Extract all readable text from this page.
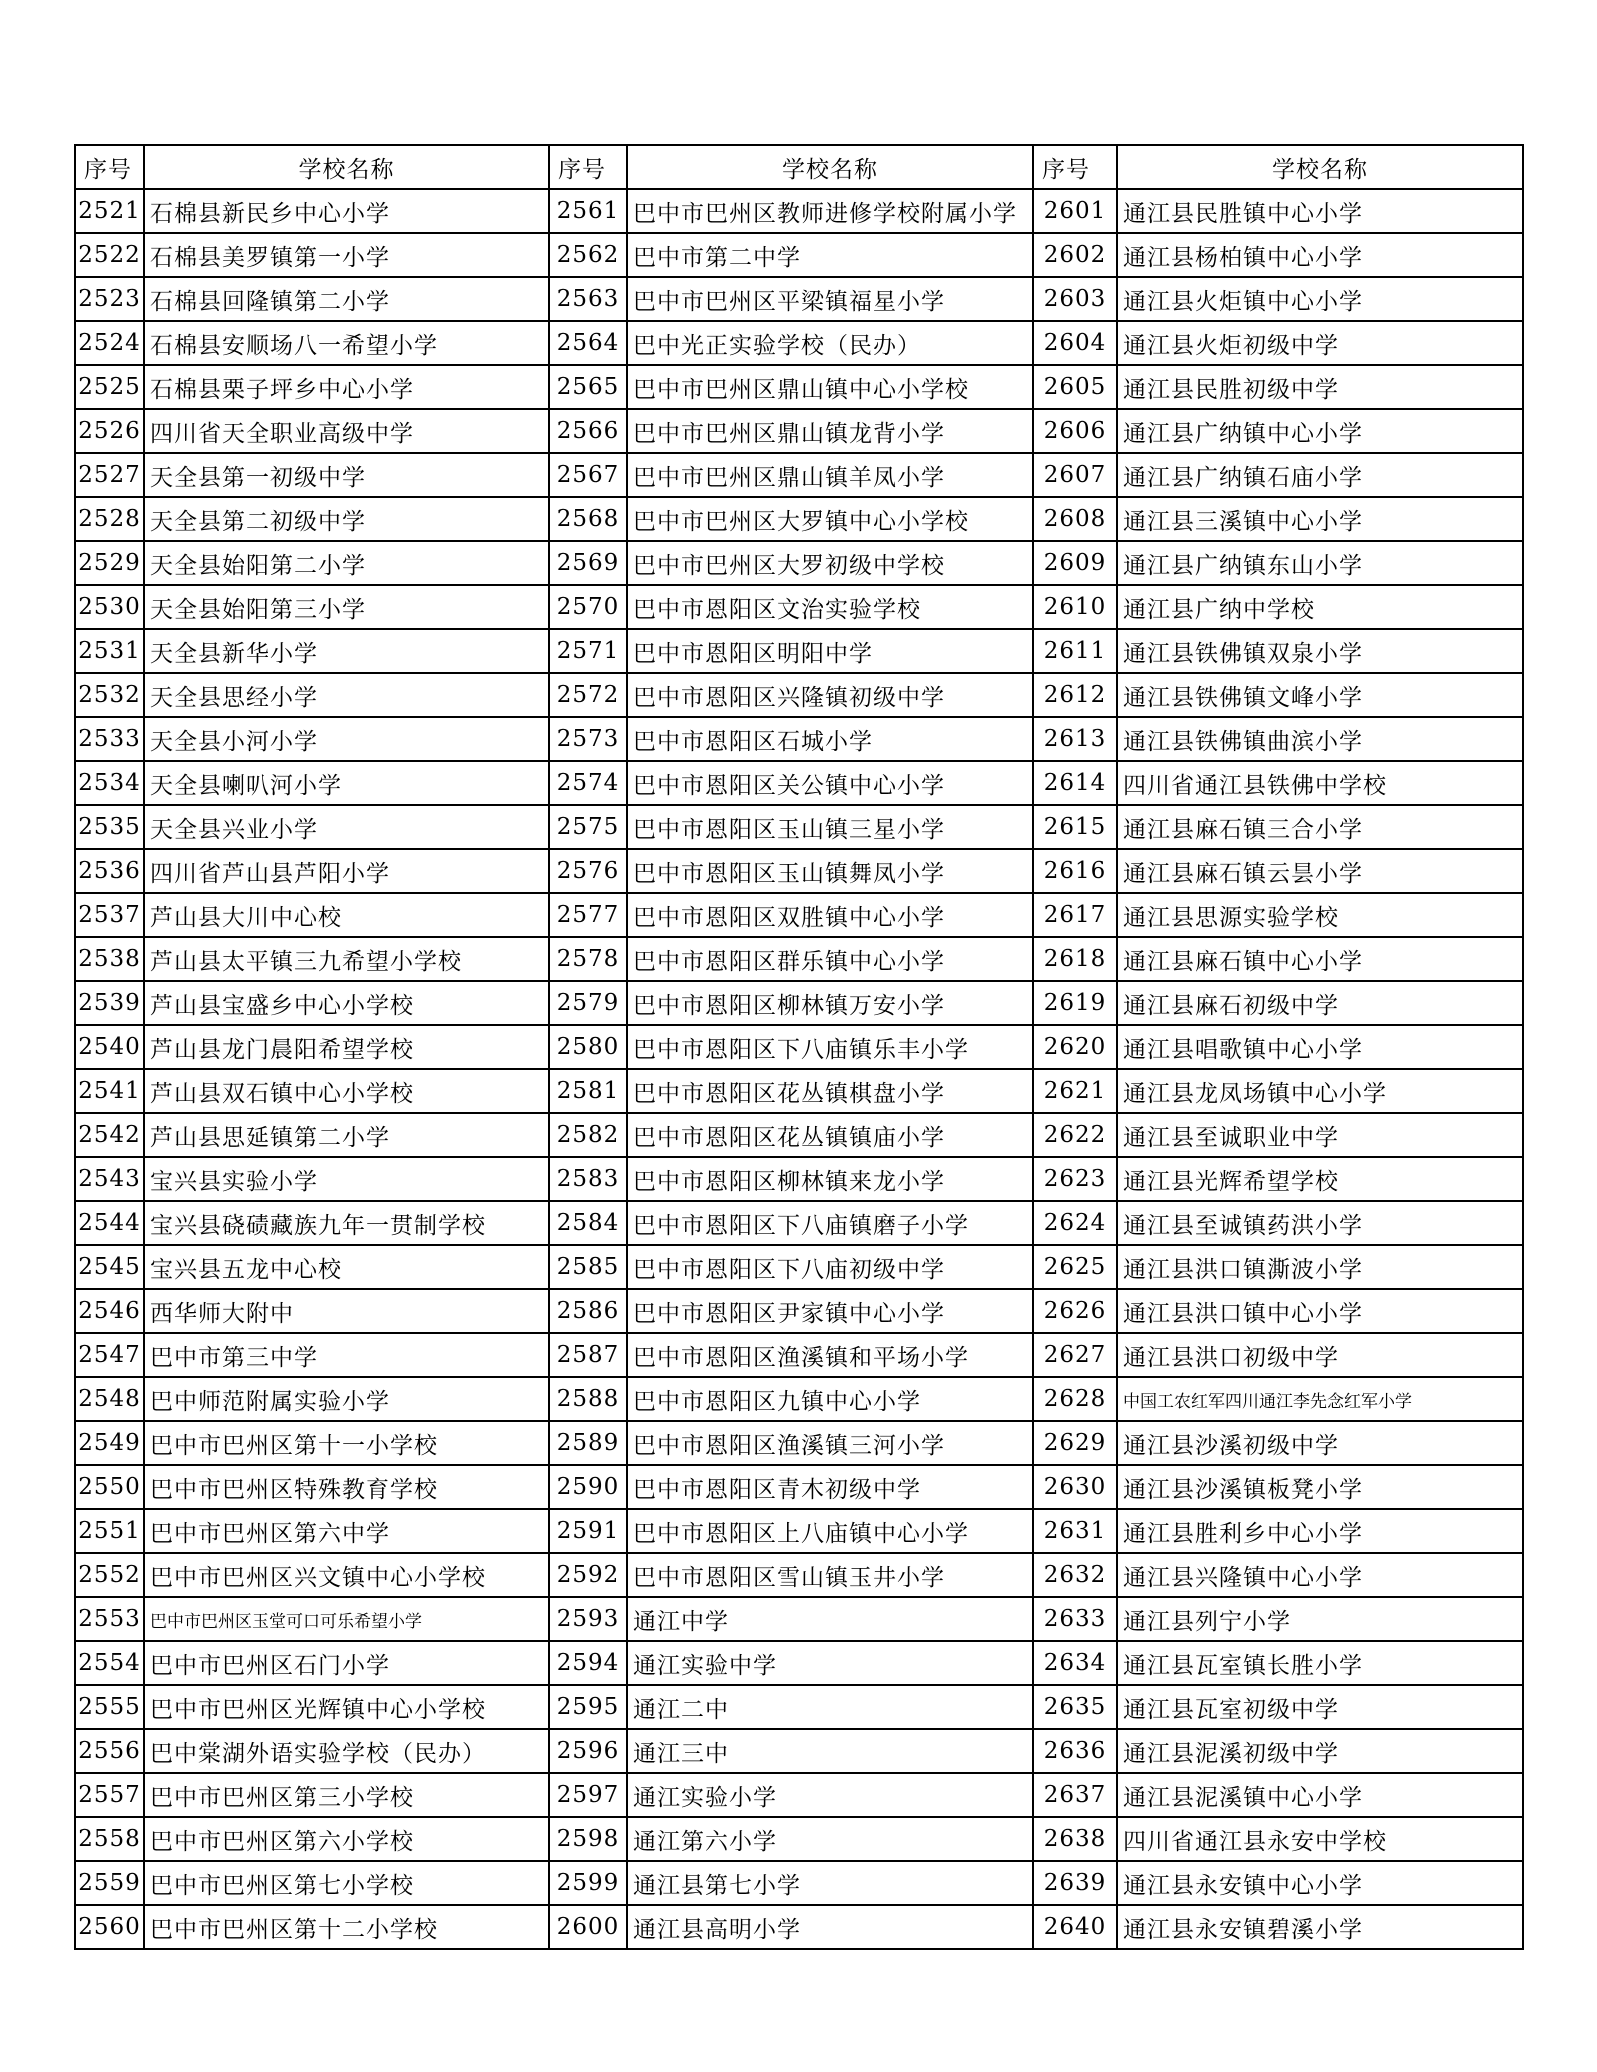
序号	学校名称	序号	学校名称	序号	学校名称
2521	石棉县新民乡中心小学	2561	巴中市巴州区教师进修学校附属小学	2601	通江县民胜镇中心小学
2522	石棉县美罗镇第一小学	2562	巴中市第二中学	2602	通江县杨柏镇中心小学
2523	石棉县回隆镇第二小学	2563	巴中市巴州区平梁镇福星小学	2603	通江县火炬镇中心小学
2524	石棉县安顺场八一希望小学	2564	巴中光正实验学校（民办）	2604	通江县火炬初级中学
2525	石棉县栗子坪乡中心小学	2565	巴中市巴州区鼎山镇中心小学校	2605	通江县民胜初级中学
2526	四川省天全职业高级中学	2566	巴中市巴州区鼎山镇龙背小学	2606	通江县广纳镇中心小学
2527	天全县第一初级中学	2567	巴中市巴州区鼎山镇羊凤小学	2607	通江县广纳镇石庙小学
2528	天全县第二初级中学	2568	巴中市巴州区大罗镇中心小学校	2608	通江县三溪镇中心小学
2529	天全县始阳第二小学	2569	巴中市巴州区大罗初级中学校	2609	通江县广纳镇东山小学
2530	天全县始阳第三小学	2570	巴中市恩阳区文治实验学校	2610	通江县广纳中学校
2531	天全县新华小学	2571	巴中市恩阳区明阳中学	2611	通江县铁佛镇双泉小学
2532	天全县思经小学	2572	巴中市恩阳区兴隆镇初级中学	2612	通江县铁佛镇文峰小学
2533	天全县小河小学	2573	巴中市恩阳区石城小学	2613	通江县铁佛镇曲滨小学
2534	天全县喇叭河小学	2574	巴中市恩阳区关公镇中心小学	2614	四川省通江县铁佛中学校
2535	天全县兴业小学	2575	巴中市恩阳区玉山镇三星小学	2615	通江县麻石镇三合小学
2536	四川省芦山县芦阳小学	2576	巴中市恩阳区玉山镇舞凤小学	2616	通江县麻石镇云昙小学
2537	芦山县大川中心校	2577	巴中市恩阳区双胜镇中心小学	2617	通江县思源实验学校
2538	芦山县太平镇三九希望小学校	2578	巴中市恩阳区群乐镇中心小学	2618	通江县麻石镇中心小学
2539	芦山县宝盛乡中心小学校	2579	巴中市恩阳区柳林镇万安小学	2619	通江县麻石初级中学
2540	芦山县龙门晨阳希望学校	2580	巴中市恩阳区下八庙镇乐丰小学	2620	通江县唱歌镇中心小学
2541	芦山县双石镇中心小学校	2581	巴中市恩阳区花丛镇棋盘小学	2621	通江县龙凤场镇中心小学
2542	芦山县思延镇第二小学	2582	巴中市恩阳区花丛镇镇庙小学	2622	通江县至诚职业中学
2543	宝兴县实验小学	2583	巴中市恩阳区柳林镇来龙小学	2623	通江县光辉希望学校
2544	宝兴县硗碛藏族九年一贯制学校	2584	巴中市恩阳区下八庙镇磨子小学	2624	通江县至诚镇药洪小学
2545	宝兴县五龙中心校	2585	巴中市恩阳区下八庙初级中学	2625	通江县洪口镇澌波小学
2546	西华师大附中	2586	巴中市恩阳区尹家镇中心小学	2626	通江县洪口镇中心小学
2547	巴中市第三中学	2587	巴中市恩阳区渔溪镇和平场小学	2627	通江县洪口初级中学
2548	巴中师范附属实验小学	2588	巴中市恩阳区九镇中心小学	2628	中国工农红军四川通江李先念红军小学
2549	巴中市巴州区第十一小学校	2589	巴中市恩阳区渔溪镇三河小学	2629	通江县沙溪初级中学
2550	巴中市巴州区特殊教育学校	2590	巴中市恩阳区青木初级中学	2630	通江县沙溪镇板凳小学
2551	巴中市巴州区第六中学	2591	巴中市恩阳区上八庙镇中心小学	2631	通江县胜利乡中心小学
2552	巴中市巴州区兴文镇中心小学校	2592	巴中市恩阳区雪山镇玉井小学	2632	通江县兴隆镇中心小学
2553	巴中市巴州区玉堂可口可乐希望小学	2593	通江中学	2633	通江县列宁小学
2554	巴中市巴州区石门小学	2594	通江实验中学	2634	通江县瓦室镇长胜小学
2555	巴中市巴州区光辉镇中心小学校	2595	通江二中	2635	通江县瓦室初级中学
2556	巴中棠湖外语实验学校（民办）	2596	通江三中	2636	通江县泥溪初级中学
2557	巴中市巴州区第三小学校	2597	通江实验小学	2637	通江县泥溪镇中心小学
2558	巴中市巴州区第六小学校	2598	通江第六小学	2638	四川省通江县永安中学校
2559	巴中市巴州区第七小学校	2599	通江县第七小学	2639	通江县永安镇中心小学
2560	巴中市巴州区第十二小学校	2600	通江县高明小学	2640	通江县永安镇碧溪小学
